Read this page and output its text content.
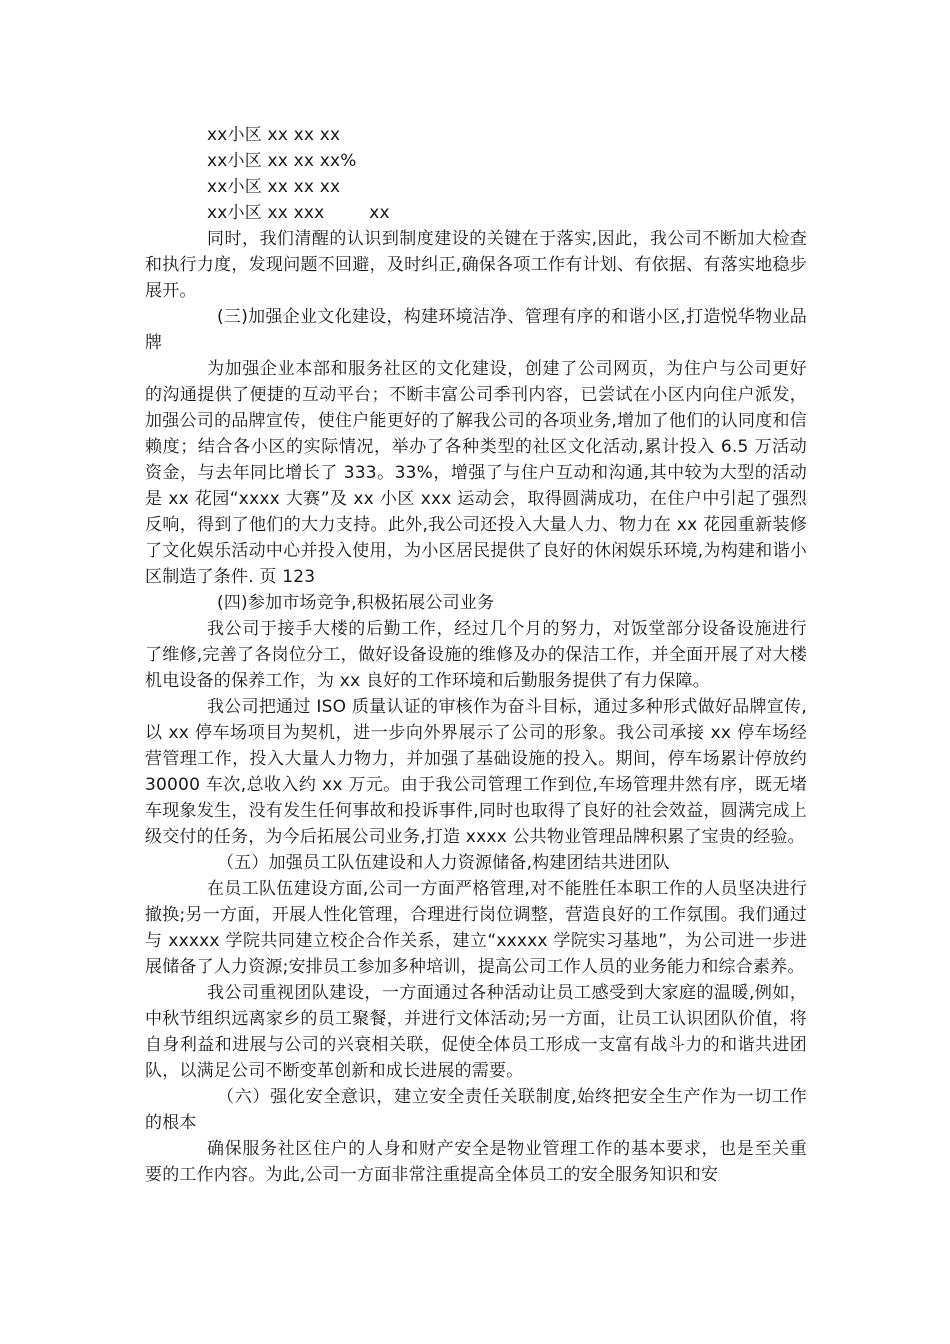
xx小区 xx xx xx
xx小区 xx xx xx%
xx小区 xx xx xx
xx小区 xx xxx        xx

同时，我们清醒的认识到制度建设的关键在于落实,因此，我公司不断加大检查和执行力度，发现问题不回避，及时纠正,确保各项工作有计划、有依据、有落实地稳步展开。

(三)加强企业文化建设，构建环境洁净、管理有序的和谐小区,打造悦华物业品牌

为加强企业本部和服务社区的文化建设，创建了公司网页，为住户与公司更好的沟通提供了便捷的互动平台；不断丰富公司季刊内容，已尝试在小区内向住户派发，加强公司的品牌宣传，使住户能更好的了解我公司的各项业务,增加了他们的认同度和信赖度；结合各小区的实际情况，举办了各种类型的社区文化活动,累计投入 6.5 万活动资金，与去年同比增长了 333。33%，增强了与住户互动和沟通,其中较为大型的活动是 xx 花园“xxxx 大赛”及 xx 小区 xxx 运动会，取得圆满成功，在住户中引起了强烈反响，得到了他们的大力支持。此外,我公司还投入大量人力、物力在 xx 花园重新装修了文化娱乐活动中心并投入使用，为小区居民提供了良好的休闲娱乐环境,为构建和谐小区制造了条件. 页 123

(四)参加市场竞争,积极拓展公司业务

我公司于接手大楼的后勤工作，经过几个月的努力，对饭堂部分设备设施进行了维修,完善了各岗位分工，做好设备设施的维修及办的保洁工作，并全面开展了对大楼机电设备的保养工作，为 xx 良好的工作环境和后勤服务提供了有力保障。

我公司把通过 ISO 质量认证的审核作为奋斗目标，通过多种形式做好品牌宣传,以 xx 停车场项目为契机，进一步向外界展示了公司的形象。我公司承接 xx 停车场经营管理工作，投入大量人力物力，并加强了基础设施的投入。期间，停车场累计停放约 30000 车次,总收入约 xx 万元。由于我公司管理工作到位,车场管理井然有序，既无堵车现象发生，没有发生任何事故和投诉事件,同时也取得了良好的社会效益，圆满完成上级交付的任务，为今后拓展公司业务,打造 xxxx 公共物业管理品牌积累了宝贵的经验。

（五）加强员工队伍建设和人力资源储备,构建团结共进团队

在员工队伍建设方面,公司一方面严格管理,对不能胜任本职工作的人员坚决进行撤换;另一方面，开展人性化管理，合理进行岗位调整，营造良好的工作氛围。我们通过与 xxxxx 学院共同建立校企合作关系，建立“xxxxx 学院实习基地”，为公司进一步进展储备了人力资源;安排员工参加多种培训，提高公司工作人员的业务能力和综合素养。

我公司重视团队建设，一方面通过各种活动让员工感受到大家庭的温暖,例如，中秋节组织远离家乡的员工聚餐，并进行文体活动;另一方面，让员工认识团队价值，将自身利益和进展与公司的兴衰相关联，促使全体员工形成一支富有战斗力的和谐共进团队，以满足公司不断变革创新和成长进展的需要。

（六）强化安全意识，建立安全责任关联制度,始终把安全生产作为一切工作的根本

确保服务社区住户的人身和财产安全是物业管理工作的基本要求，也是至关重要的工作内容。为此,公司一方面非常注重提高全体员工的安全服务知识和安
